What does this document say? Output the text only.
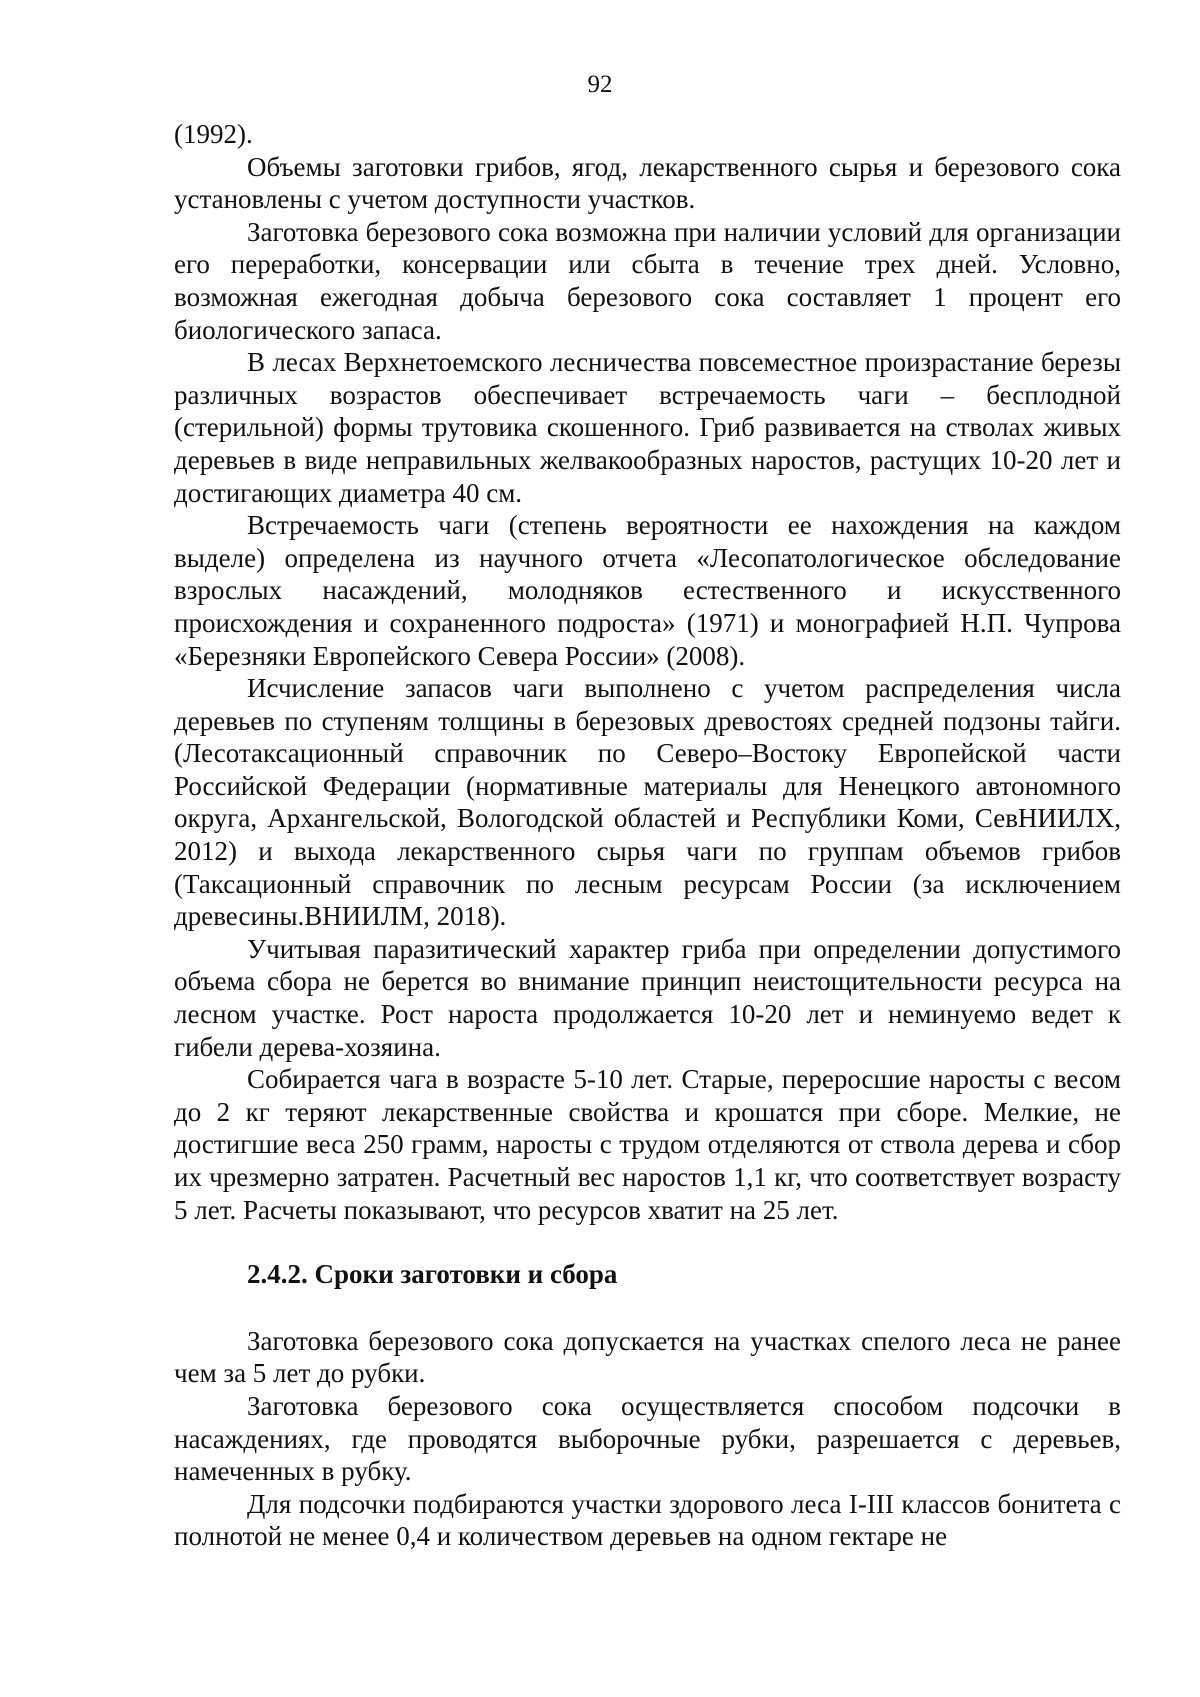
92

(1992).

Объемы заготовки грибов, ягод, лекарственного сырья и березового сока установлены с учетом доступности участков.

Заготовка березового сока возможна при наличии условий для организации его переработки, консервации или сбыта в течение трех дней. Условно, возможная ежегодная добыча березового сока составляет 1 процент его биологического запаса.

В лесах Верхнетоемского лесничества повсеместное произрастание березы различных возрастов обеспечивает встречаемость чаги – бесплодной (стерильной) формы трутовика скошенного. Гриб развивается на стволах живых деревьев в виде неправильных желвакообразных наростов, растущих 10-20 лет и достигающих диаметра 40 см.

Встречаемость чаги (степень вероятности ее нахождения на каждом выделе) определена из научного отчета «Лесопатологическое обследование взрослых насаждений, молодняков естественного и искусственного происхождения и сохраненного подроста» (1971) и монографией Н.П. Чупрова «Березняки Европейского Севера России» (2008).

Исчисление запасов чаги выполнено с учетом распределения числа деревьев по ступеням толщины в березовых древостоях средней подзоны тайги. (Лесотаксационный справочник по Северо–Востоку Европейской части Российской Федерации (нормативные материалы для Ненецкого автономного округа, Архангельской, Вологодской областей и Республики Коми, СевНИИЛХ, 2012) и выхода лекарственного сырья чаги по группам объемов грибов (Таксационный справочник по лесным ресурсам России (за исключением древесины.ВНИИЛМ, 2018).

Учитывая паразитический характер гриба при определении допустимого объема сбора не берется во внимание принцип неистощительности ресурса на лесном участке. Рост нароста продолжается 10-20 лет и неминуемо ведет к гибели дерева-хозяина.

Собирается чага в возрасте 5-10 лет. Старые, переросшие наросты с весом до 2 кг теряют лекарственные свойства и крошатся при сборе. Мелкие, не достигшие веса 250 грамм, наросты с трудом отделяются от ствола дерева и сбор их чрезмерно затратен. Расчетный вес наростов 1,1 кг, что соответствует возрасту 5 лет. Расчеты показывают, что ресурсов хватит на 25 лет.

2.4.2. Сроки заготовки и сбора

Заготовка березового сока допускается на участках спелого леса не ранее чем за 5 лет до рубки.

Заготовка березового сока осуществляется способом подсочки в насаждениях, где проводятся выборочные рубки, разрешается с деревьев, намеченных в рубку.

Для подсочки подбираются участки здорового леса I-III классов бонитета с полнотой не менее 0,4 и количеством деревьев на одном гектаре не
